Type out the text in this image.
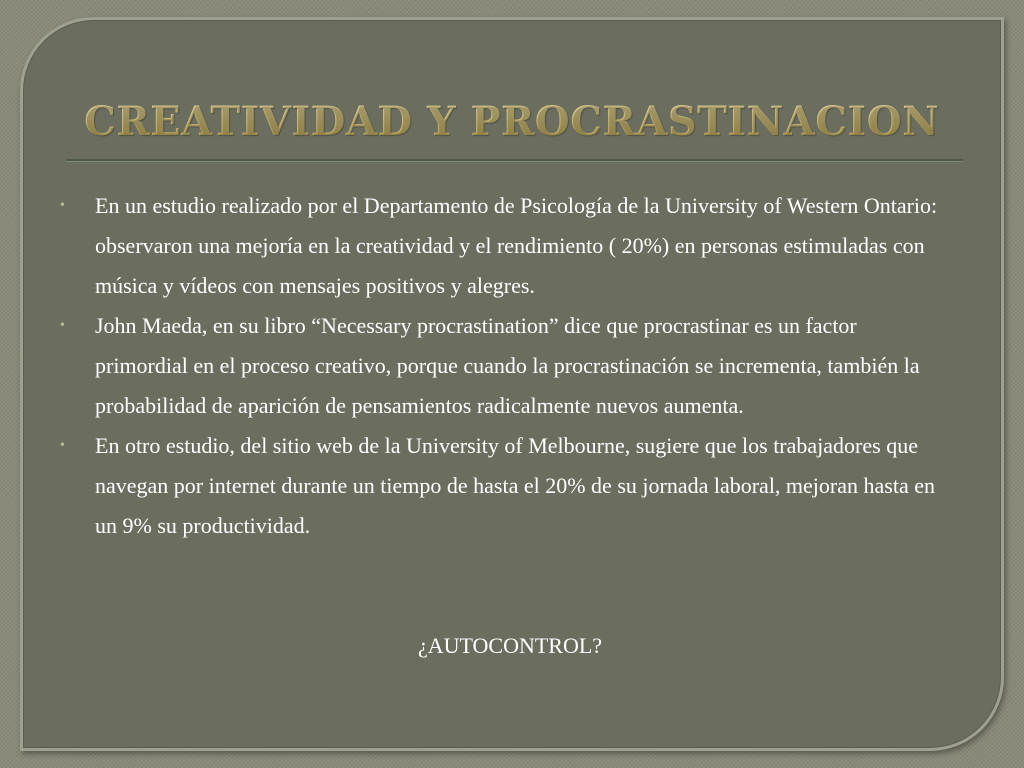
CREATIVIDAD Y PROCRASTINACION
• En un estudio realizado por el Departamento de Psicología de la University of Western Ontario: observaron una mejoría en la creatividad y el rendimiento ( 20%) en personas estimuladas con música y vídeos con mensajes positivos y alegres.
• John Maeda, en su libro “Necessary procrastination” dice que procrastinar es un factor primordial en el proceso creativo, porque cuando la procrastinación se incrementa, también la probabilidad de aparición de pensamientos radicalmente nuevos aumenta.
• En otro estudio, del sitio web de la University of Melbourne, sugiere que los trabajadores que navegan por internet durante un tiempo de hasta el 20% de su jornada laboral, mejoran hasta en un 9% su productividad.
¿AUTOCONTROL?
